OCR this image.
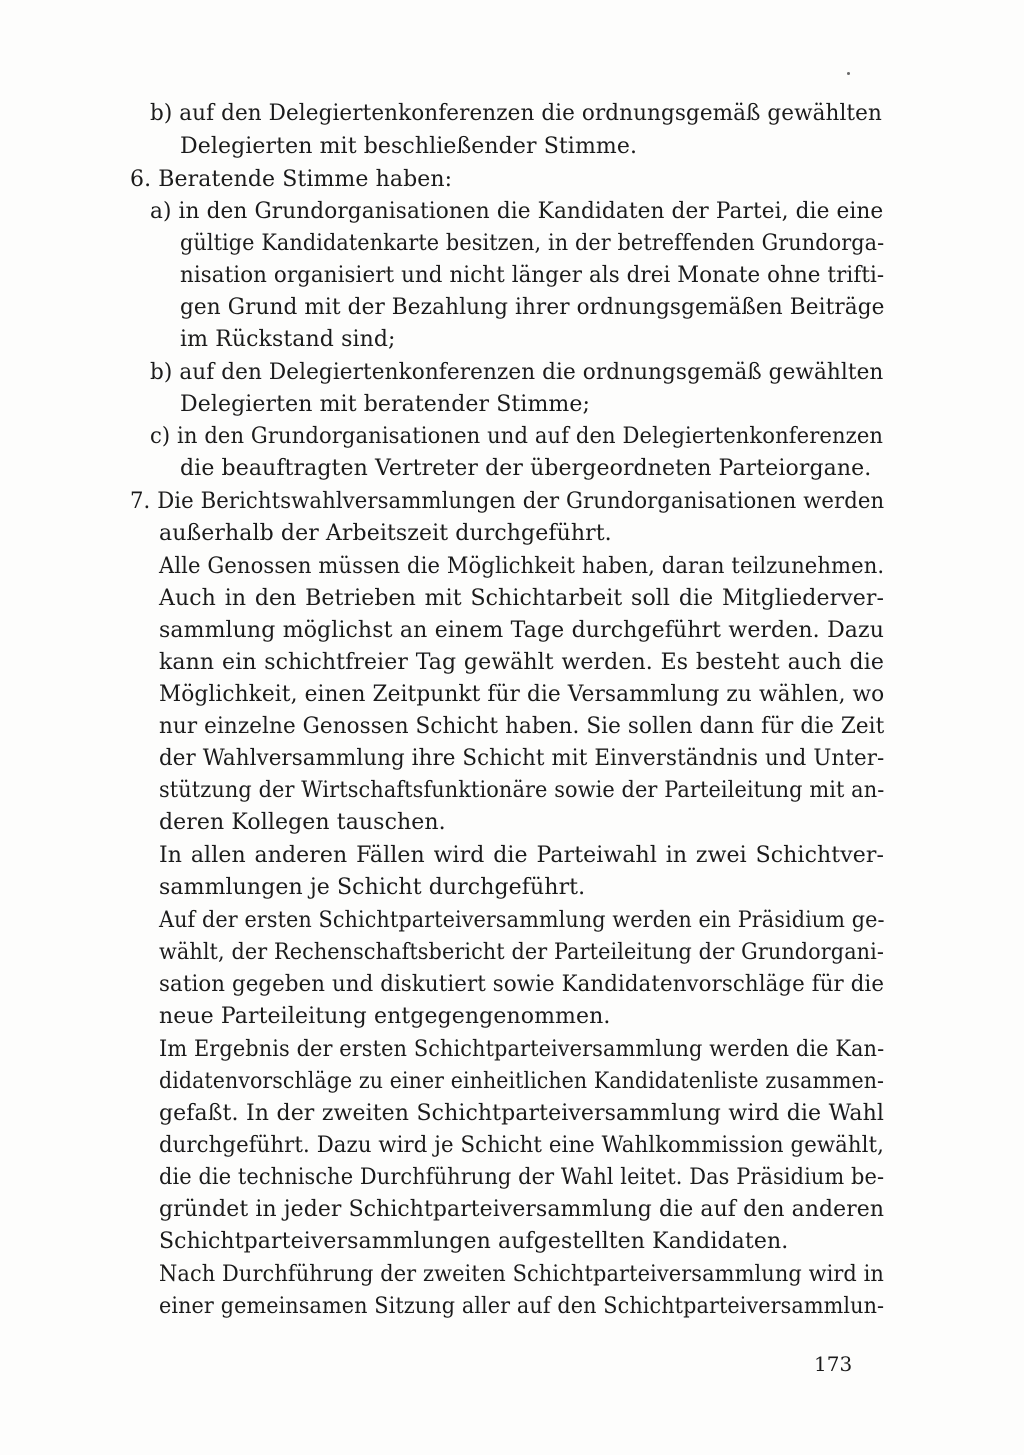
b) auf den Delegiertenkonferenzen die ordnungsgemäß gewählten
Delegierten mit beschließender Stimme.
6. Beratende Stimme haben:
a) in den Grundorganisationen die Kandidaten der Partei, die eine
gültige Kandidatenkarte besitzen, in der betreffenden Grundorga-
nisation organisiert und nicht länger als drei Monate ohne trifti-
gen Grund mit der Bezahlung ihrer ordnungsgemäßen Beiträge
im Rückstand sind;
b) auf den Delegiertenkonferenzen die ordnungsgemäß gewählten
Delegierten mit beratender Stimme;
c) in den Grundorganisationen und auf den Delegiertenkonferenzen
die beauftragten Vertreter der übergeordneten Parteiorgane.
7. Die Berichtswahlversammlungen der Grundorganisationen werden
außerhalb der Arbeitszeit durchgeführt.
Alle Genossen müssen die Möglichkeit haben, daran teilzunehmen.
Auch in den Betrieben mit Schichtarbeit soll die Mitgliederver-
sammlung möglichst an einem Tage durchgeführt werden. Dazu
kann ein schichtfreier Tag gewählt werden. Es besteht auch die
Möglichkeit, einen Zeitpunkt für die Versammlung zu wählen, wo
nur einzelne Genossen Schicht haben. Sie sollen dann für die Zeit
der Wahlversammlung ihre Schicht mit Einverständnis und Unter-
stützung der Wirtschaftsfunktionäre sowie der Parteileitung mit an-
deren Kollegen tauschen.
In allen anderen Fällen wird die Parteiwahl in zwei Schichtver-
sammlungen je Schicht durchgeführt.
Auf der ersten Schichtparteiversammlung werden ein Präsidium ge-
wählt, der Rechenschaftsbericht der Parteileitung der Grundorgani-
sation gegeben und diskutiert sowie Kandidatenvorschläge für die
neue Parteileitung entgegengenommen.
Im Ergebnis der ersten Schichtparteiversammlung werden die Kan-
didatenvorschläge zu einer einheitlichen Kandidatenliste zusammen-
gefaßt. In der zweiten Schichtparteiversammlung wird die Wahl
durchgeführt. Dazu wird je Schicht eine Wahlkommission gewählt,
die die technische Durchführung der Wahl leitet. Das Präsidium be-
gründet in jeder Schichtparteiversammlung die auf den anderen
Schichtparteiversammlungen aufgestellten Kandidaten.
Nach Durchführung der zweiten Schichtparteiversammlung wird in
einer gemeinsamen Sitzung aller auf den Schichtparteiversammlun-
173
